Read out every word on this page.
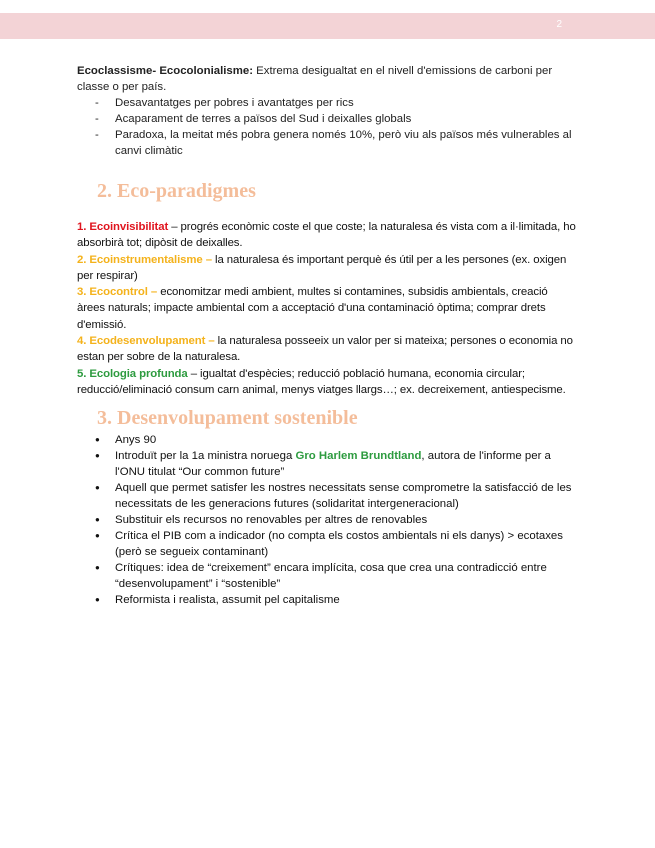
2

Ecoclassisme- Ecocolonialisme: Extrema desigualtat en el nivell d'emissions de carboni per classe o per país.

- Desavantatges per pobres i avantatges per rics
- Acaparament de terres a països del Sud i deixalles globals
- Paradoxa, la meitat més pobra genera només 10%, però viu als països més vulnerables al canvi climàtic
2. Eco-paradigmes

1. Ecoinvisibilitat – progrés econòmic coste el que coste; la naturalesa és vista com a il·limitada, ho absorbirà tot; dipòsit de deixalles.

2. Ecoinstrumentalisme – la naturalesa és important perquè és útil per a les persones (ex. oxigen per respirar)

3. Ecocontrol – economitzar medi ambient, multes si contamines, subsidis ambientals, creació àrees naturals; impacte ambiental com a acceptació d'una contaminació òptima; comprar drets d'emissió.

4. Ecodesenvolupament – la naturalesa posseeix un valor per si mateixa; persones o economia no estan per sobre de la naturalesa.

5. Ecologia profunda – igualtat d'espècies; reducció població humana, economia circular; reducció/eliminació consum carn animal, menys viatges llargs…; ex. decreixement, antiespecisme.

3. Desenvolupament sostenible
● Anys 90
● Introduït per la 1a ministra noruega Gro Harlem Brundtland, autora de l'informe per a l'ONU titulat “Our common future”
● Aquell que permet satisfer les nostres necessitats sense comprometre la satisfacció de les necessitats de les generacions futures (solidaritat intergeneracional)
● Substituir els recursos no renovables per altres de renovables
● Crítica el PIB com a indicador (no compta els costos ambientals ni els danys) > ecotaxes (però se segueix contaminant)
● Crítiques: idea de “creixement” encara implícita, cosa que crea una contradicció entre “desenvolupament” i “sostenible”
● Reformista i realista, assumit pel capitalisme
